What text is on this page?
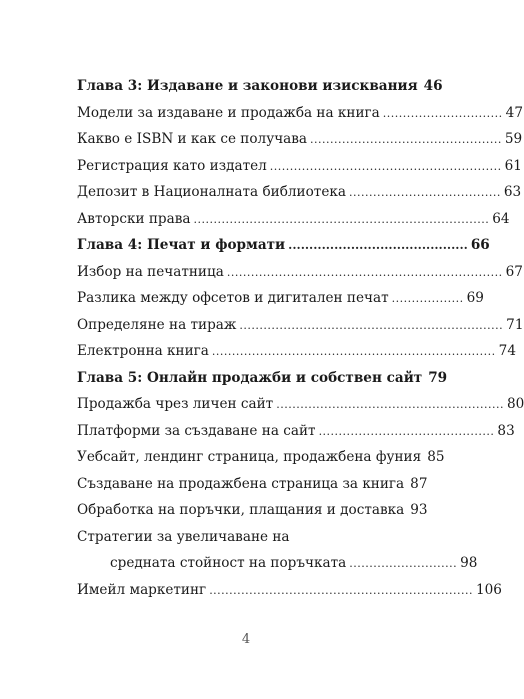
Глава 3: Издаване и законови изисквания 46
Модели за издаване и продажба на книга .............................. 47
Какво е ISBN и как се получава ................................................ 59
Регистрация като издател .......................................................... 61
Депозит в Националната библиотека ...................................... 63
Авторски права .......................................................................... 64
Глава 4: Печат и формати ........................................... 66
Избор на печатница ..................................................................... 67
Разлика между офсетов и дигитален печат .................. 69
Определяне на тираж .................................................................. 71
Електронна книга ....................................................................... 74
Глава 5: Онлайн продажби и собствен сайт 79
Продажба чрез личен сайт ......................................................... 80
Платформи за създаване на сайт ............................................ 83
Уебсайт, лендинг страница, продажбена фуния 85
Създаване на продажбена страница за книга 87
Обработка на поръчки, плащания и доставка 93
Стратегии за увеличаване на
средната стойност на поръчката ........................... 98
Имейл маркетинг .................................................................. 106
4
